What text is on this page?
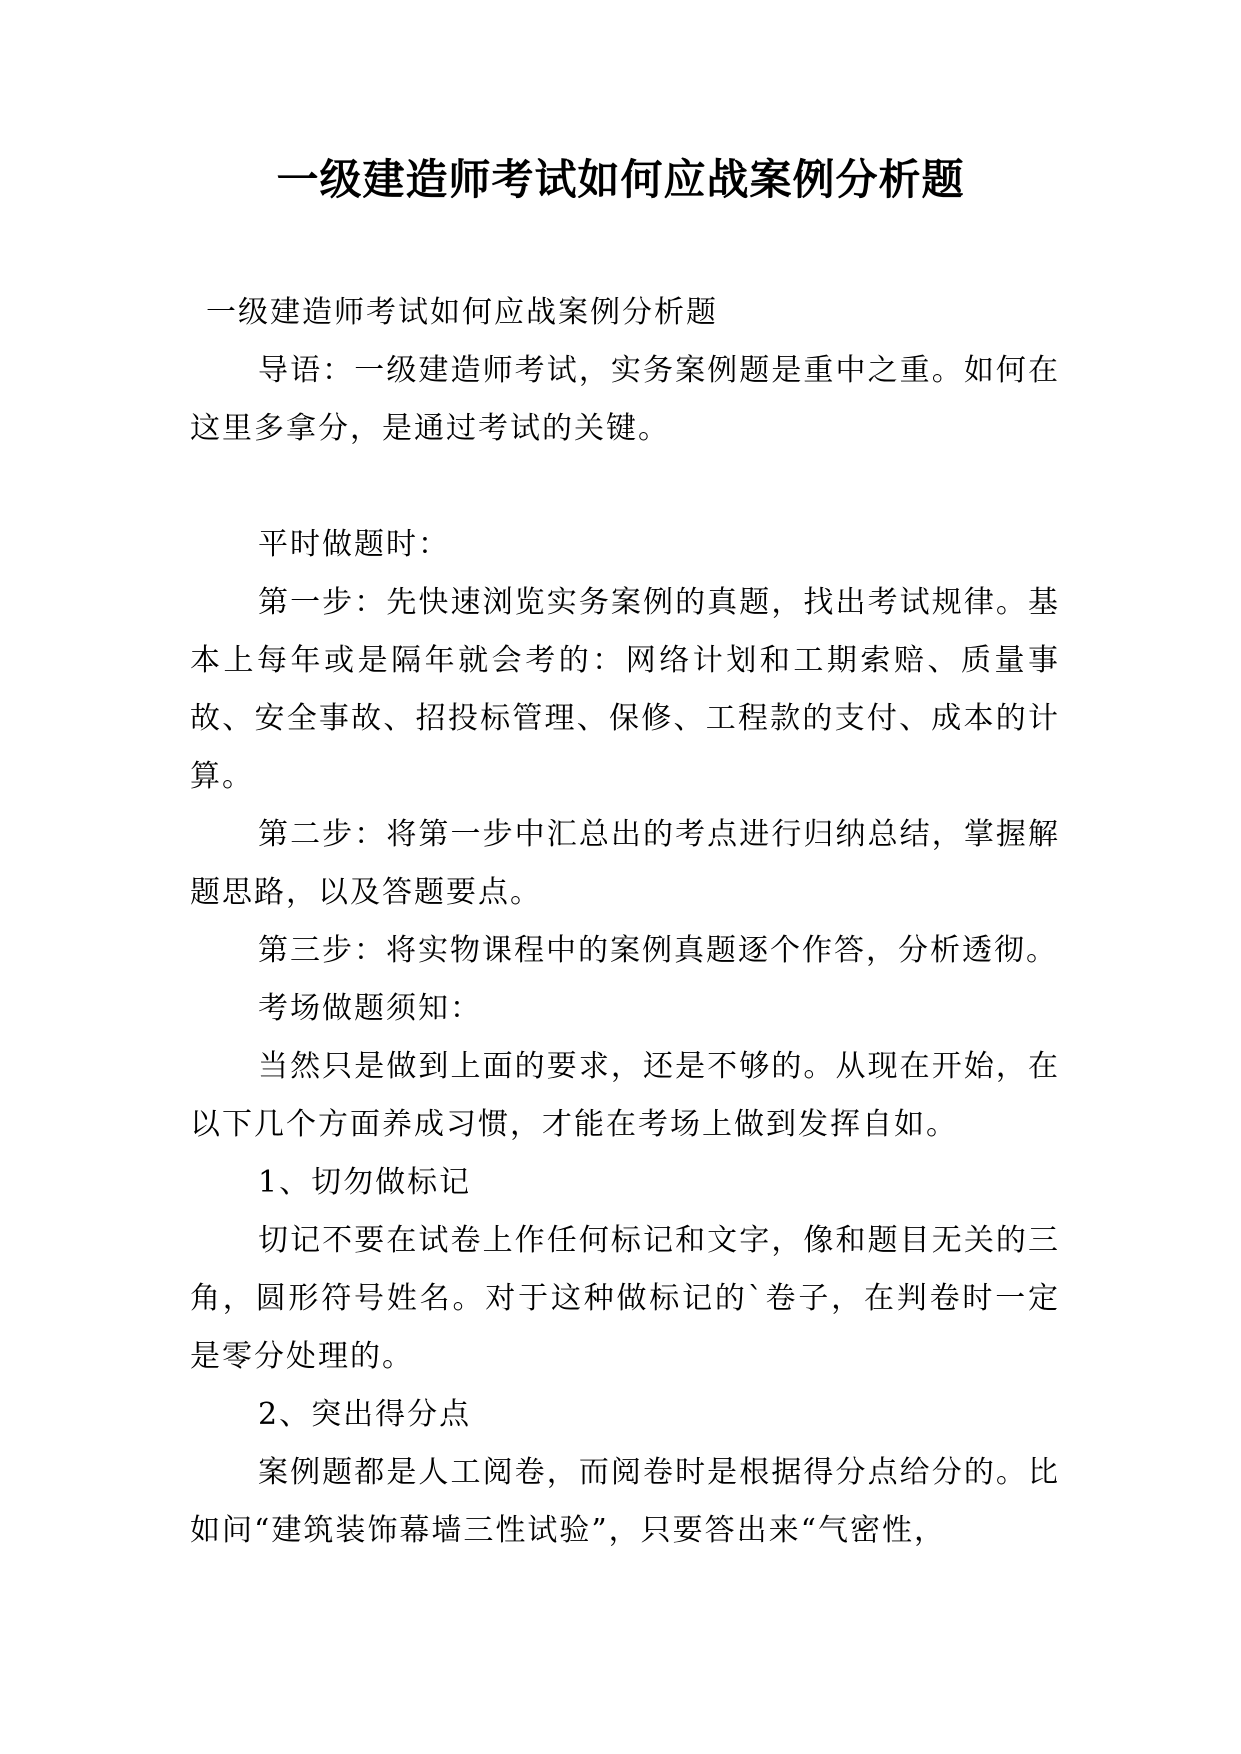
一级建造师考试如何应战案例分析题

一级建造师考试如何应战案例分析题

导语：一级建造师考试，实务案例题是重中之重。如何在这里多拿分，是通过考试的关键。

平时做题时：

第一步：先快速浏览实务案例的真题，找出考试规律。基本上每年或是隔年就会考的：网络计划和工期索赔、质量事故、安全事故、招投标管理、保修、工程款的支付、成本的计算。

第二步：将第一步中汇总出的考点进行归纳总结，掌握解题思路，以及答题要点。

第三步：将实物课程中的案例真题逐个作答，分析透彻。

考场做题须知：

当然只是做到上面的要求，还是不够的。从现在开始，在以下几个方面养成习惯，才能在考场上做到发挥自如。

1、切勿做标记

切记不要在试卷上作任何标记和文字，像和题目无关的三角，圆形符号姓名。对于这种做标记的`卷子，在判卷时一定是零分处理的。

2、突出得分点

案例题都是人工阅卷，而阅卷时是根据得分点给分的。比如问“建筑装饰幕墙三性试验”，只要答出来“气密性，
